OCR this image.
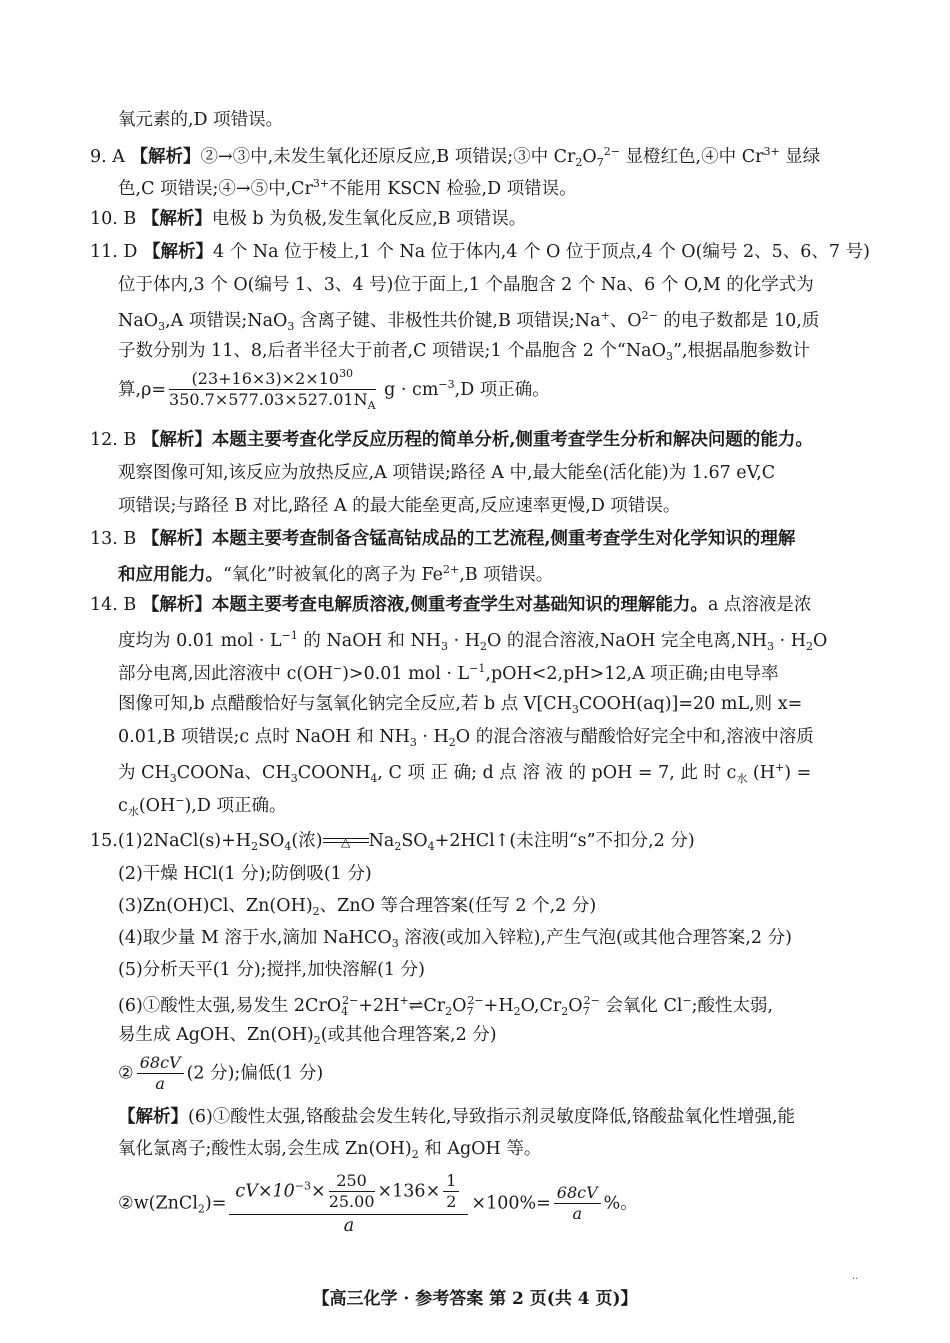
氧元素的,D 项错误。
9. A 【解析】②→③中,未发生氧化还原反应,B 项错误;③中 $Cr_2O_7^{2-}$ 显橙红色,④中 $Cr^{3+}$ 显绿
色,C 项错误;④→⑤中$,Cr^{3+}$不能用 KSCN 检验,D 项错误。
10. B 【解析】电极 b 为负极,发生氧化反应,B 项错误。
11. D 【解析】4 个 Na 位于棱上,1 个 Na 位于体内,4 个 O 位于顶点,4 个 O(编号 2、5、6、7 号)
位于体内,3 个 O(编号 1、3、4 号)位于面上,1 个晶胞含 2 个 Na、6 个 O,M 的化学式为
NaO$_3$,A 项错误;NaO$_3$ 含离子键、非极性共价键,B 项错误;Na+、$O^{2-}$ 的电子数都是 10,质
子数分别为 11、8,后者半径大于前者,C 项错误;1 个晶胞含 2 个“NaO$_3$”,根据晶胞参数计
算$,\rho= \frac{(23+16\times 3)\times 2\times 10^{30}}{350.7\times 577.03\times 527.01N_A}$ $g \cdot cm^{-3},D$ 项正确。
12. B 【解析】本题主要考查化学反应历程的简单分析,侧重考查学生分析和解决问题的能力。
观察图像可知,该反应为放热反应,A 项错误;路径 A 中,最大能垒(活化能)为 1.67 eV,C
项错误;与路径 B 对比,路径 A 的最大能垒更高,反应速率更慢,D 项错误。
13. B 【解析】本题主要考查制备含锰高钴成品的工艺流程,侧重考查学生对化学知识的理解
和应用能力。“氧化”时被氧化的离子为 $Fe^{2+},B$ 项错误。
14. B 【解析】本题主要考查电解质溶液,侧重考查学生对基础知识的理解能力。a 点溶液是浓
度均为 0.01 mol · $L^{-1}$ 的 NaOH 和 $NH_3 \cdot H_2O$ 的混合溶液,NaOH 完全电离$,NH_3 \cdot H_2O$
部分电离,因此溶液中 c(OH−)>0.01 mol · $L^{-1},pOH<2,pH>12,A$ 项正确;由电导率
图像可知,b 点醋酸恰好与氢氧化钠完全反应,若 b 点 $V[CH_3COOH(aq)]=20$ mL,则 x=
0.01,B 项错误;c 点时 NaOH 和 $NH_3 \cdot H_2O$ 的混合溶液与醋酸恰好完全中和,溶液中溶质
为 $CH_3COONa$、$CH_3COONH_4$, C 项 正 确; d 点 溶 液 的 pOH = 7, 此 时 $c_水$ (H+) =
$c_水(OH^-),D$ 项正确。
$15.(1)2NaCl(s)+H_2SO_4$(浓)	△	$Na_2SO_4+2HCl↑$(未注明“s”不扣分,2 分)
(2)干燥 HCl(1 分);防倒吸(1 分)
(3)Zn(OH)Cl、$Zn(OH)_2$、ZnO 等合理答案(任写 2 个,2 分)
(4)取少量 M 溶于水,滴加 NaHCO$_3$ 溶液(或加入锌粒),产生气泡(或其他合理答案,2 分)
(5)分析天平(1 分);搅拌,加快溶解(1 分)
(6)①酸性太强,易发生 $2CrO_4^{2-}+2H^+\rightleftharpoons Cr_2O_7^{2-}+H_2O,Cr_2O_7^{2-}$ 会氧化 Cl−;酸性太弱,
易生成 AgOH、$Zn(OH)_2$(或其他合理答案,2 分)
② $\frac{68cV}{a} (2$ 分);偏低(1 分)
【解析】(6)①酸性太强,铬酸盐会发生转化,导致指示剂灵敏度降低,铬酸盐氧化性增强,能
氧化氯离子;酸性太弱,会生成 $Zn(OH)_2$ 和 AgOH 等。
②w(ZnCl$_2$)= $\frac{cV\times 10^{-3}\times \frac{250}{25.00} \times 136\times \frac{1}{2}}{a} \times 100\%= \frac{68cV}{a}$ %。
【高三化学 · 参考答案 第 2 页(共 4 页)】
··
